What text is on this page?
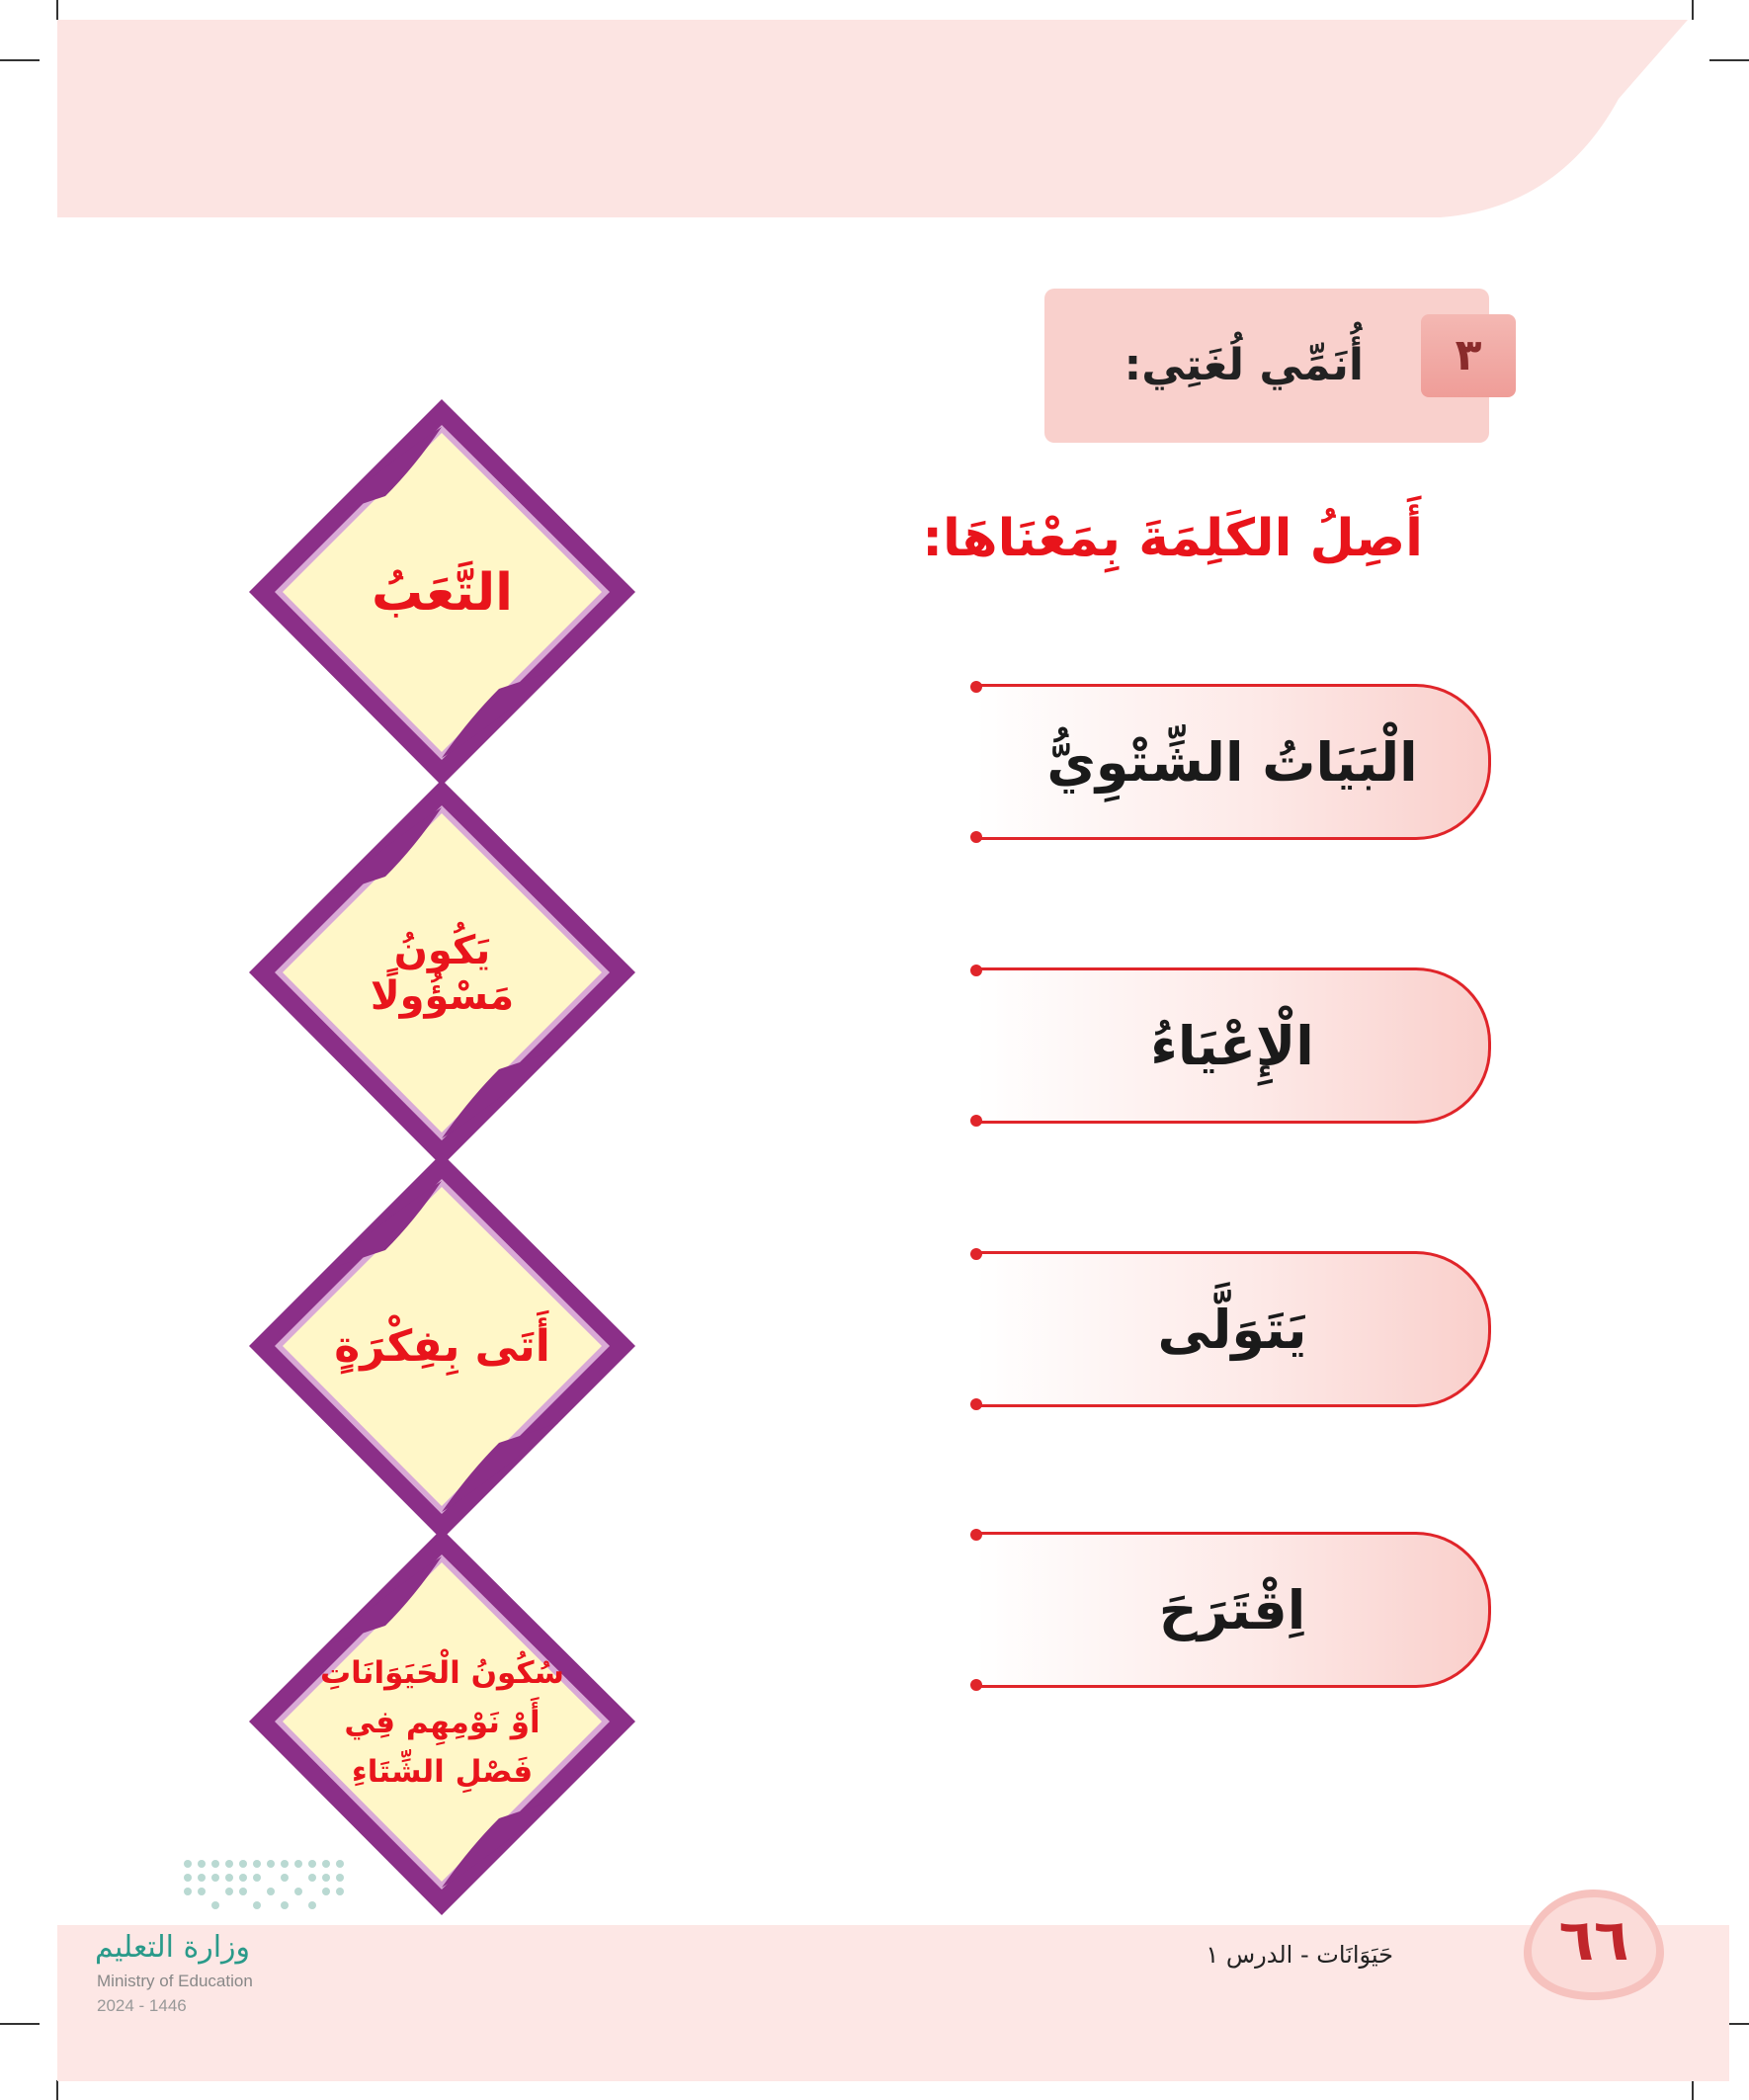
٣
أُنَمِّي لُغَتِي:
أَصِلُ الكَلِمَةَ بِمَعْنَاهَا:
الْبَيَاتُ الشِّتْوِيُّ
الْإِعْيَاءُ
يَتَوَلَّى
اِقْتَرَحَ
التَّعَبُ
يَكُونُ مَسْؤُولًا
أَتَى بِفِكْرَةٍ
سُكُونُ الْحَيَوَانَاتِ أَوْ نَوْمِهِم فِي فَصْلِ الشِّتَاءِ
وزارة التعليم
Ministry of Education
2024 - 1446
حَيَوَانَات - الدرس ١	٦٦
